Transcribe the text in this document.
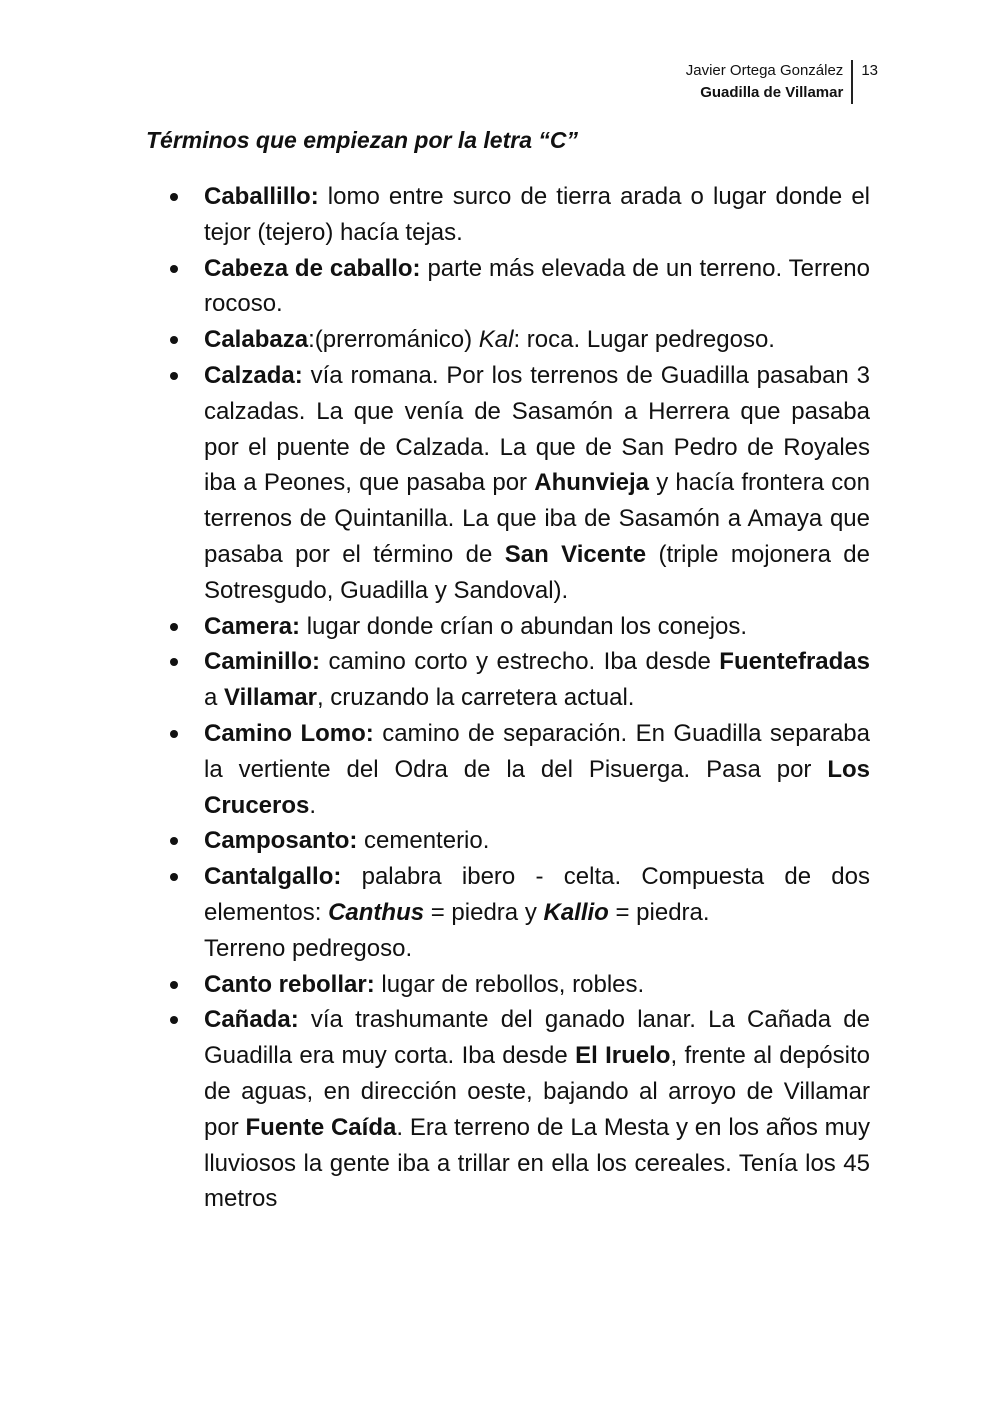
Javier Ortega González
Guadilla de Villamar
13
Términos que empiezan por la letra “C”
Caballillo: lomo entre surco de tierra arada o lugar donde el tejor (tejero) hacía tejas.
Cabeza de caballo: parte más elevada de un terreno. Terreno rocoso.
Calabaza:(prerrománico) Kal: roca. Lugar pedregoso.
Calzada: vía romana. Por los terrenos de Guadilla pasaban 3 calzadas. La que venía de Sasamón a Herrera que pasaba por el puente de Calzada. La que de San Pedro de Royales iba a Peones, que pasaba por Ahunvieja y hacía frontera con terrenos de Quintanilla. La que iba de Sasamón a Amaya que pasaba por el término de San Vicente (triple mojonera de Sotresgudo, Guadilla y Sandoval).
Camera: lugar donde crían o abundan los conejos.
Caminillo: camino corto y estrecho. Iba desde Fuentefradas a Villamar, cruzando la carretera actual.
Camino Lomo: camino de separación. En Guadilla separaba la vertiente del Odra de la del Pisuerga. Pasa por Los Cruceros.
Camposanto: cementerio.
Cantalgallo: palabra ibero - celta. Compuesta de dos elementos: Canthus = piedra y Kallio = piedra.
Terreno pedregoso.
Canto rebollar: lugar de rebollos, robles.
Cañada: vía trashumante del ganado lanar. La Cañada de Guadilla era muy corta. Iba desde El Iruelo, frente al depósito de aguas, en dirección oeste, bajando al arroyo de Villamar por Fuente Caída. Era terreno de La Mesta y en los años muy lluviosos la gente iba a trillar en ella los cereales. Tenía los 45 metros
